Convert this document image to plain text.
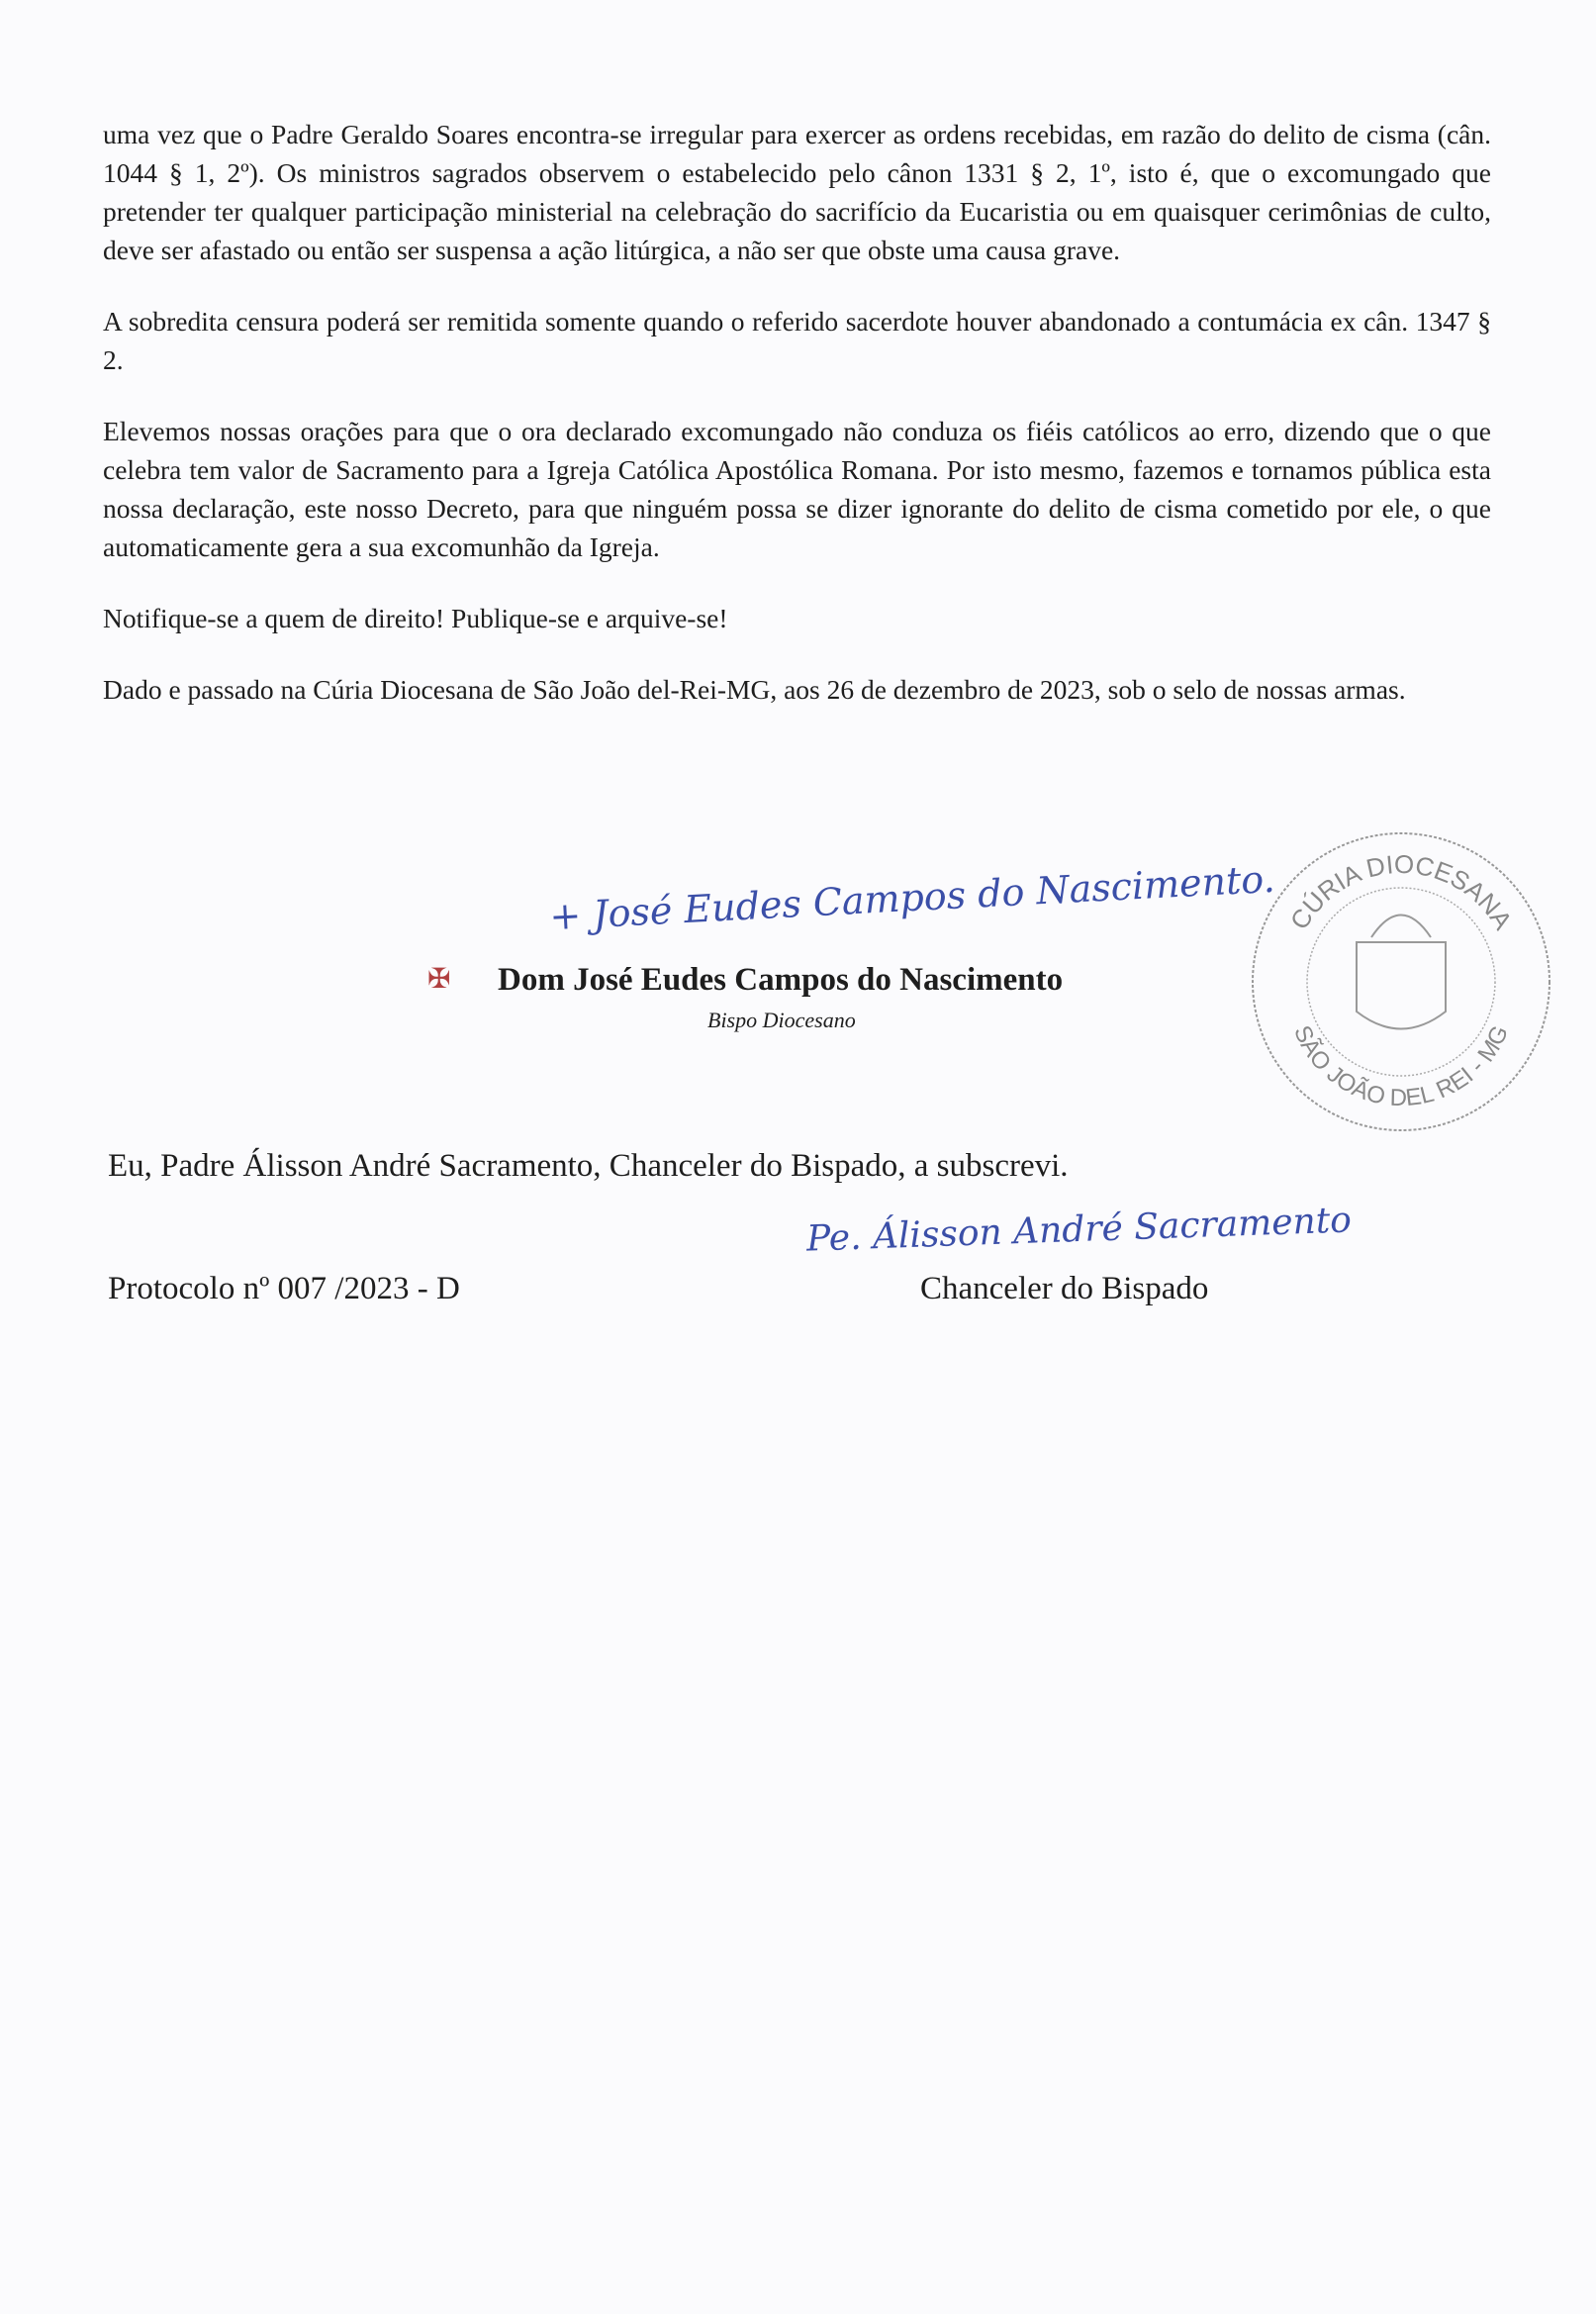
uma vez que o Padre Geraldo Soares encontra-se irregular para exercer as ordens recebidas, em razão do delito de cisma (cân. 1044 § 1, 2º). Os ministros sagrados observem o estabelecido pelo cânon 1331 § 2, 1º, isto é, que o excomungado que pretender ter qualquer participação ministerial na celebração do sacrifício da Eucaristia ou em quaisquer cerimônias de culto, deve ser afastado ou então ser suspensa a ação litúrgica, a não ser que obste uma causa grave.

A sobredita censura poderá ser remitida somente quando o referido sacerdote houver abandonado a contumácia ex cân. 1347 § 2.

Elevemos nossas orações para que o ora declarado excomungado não conduza os fiéis católicos ao erro, dizendo que o que celebra tem valor de Sacramento para a Igreja Católica Apostólica Romana. Por isto mesmo, fazemos e tornamos pública esta nossa declaração, este nosso Decreto, para que ninguém possa se dizer ignorante do delito de cisma cometido por ele, o que automaticamente gera a sua excomunhão da Igreja.

Notifique-se a quem de direito! Publique-se e arquive-se!

Dado e passado na Cúria Diocesana de São João del-Rei-MG, aos 26 de dezembro de 2023, sob o selo de nossas armas.

+ José Eudes Campos do Nascimento.
✠ Dom José Eudes Campos do Nascimento
Bispo Diocesano
CÚRIA DIOCESANA
SÃO JOÃO DEL REI - MG
Eu, Padre Álisson André Sacramento, Chanceler do Bispado, a subscrevi.
Pe. Álisson André Sacramento
Protocolo nº 007 /2023 - D	Chanceler do Bispado
